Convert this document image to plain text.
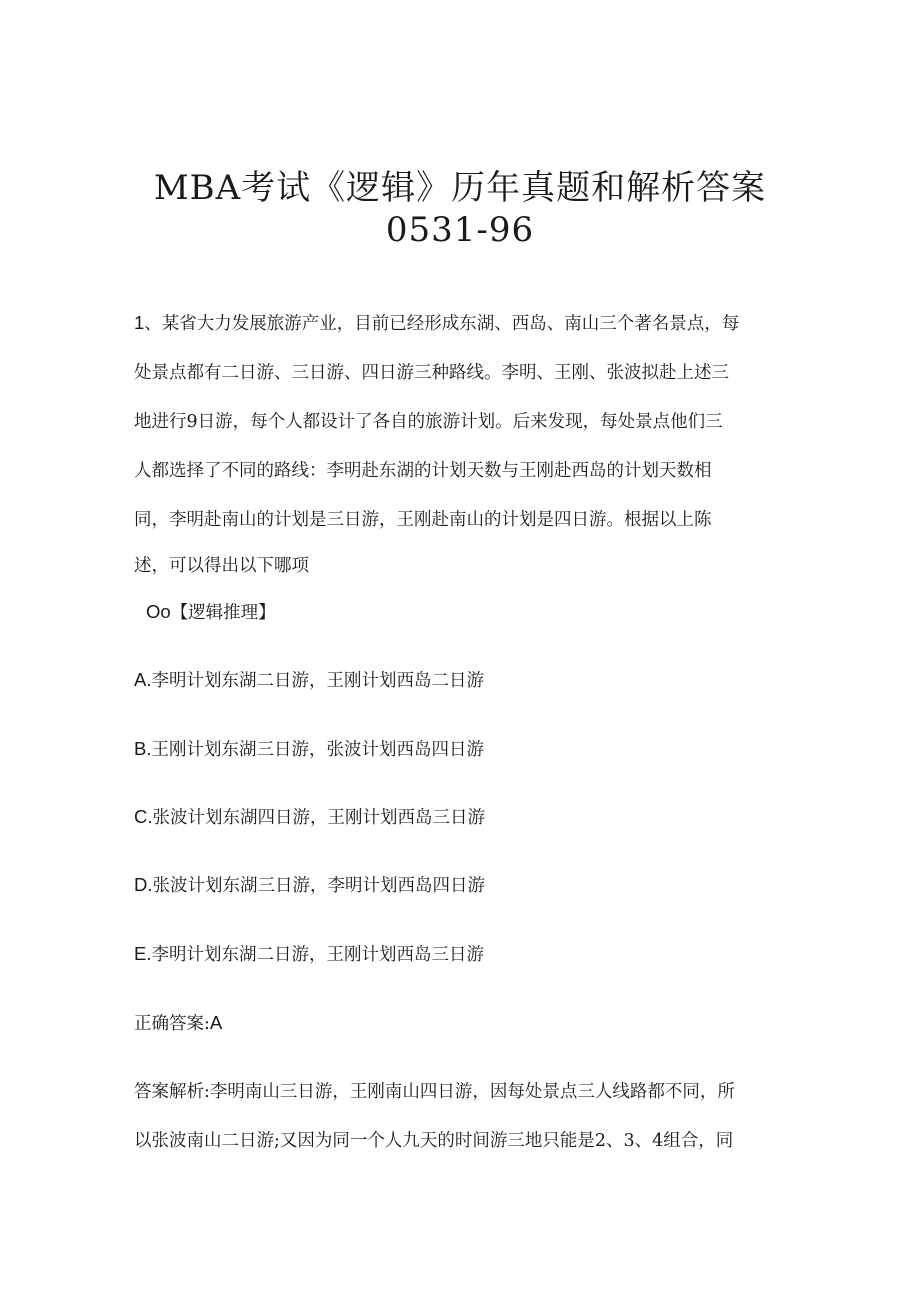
MBA考试《逻辑》历年真题和解析答案
0531-96
1、某省大力发展旅游产业，目前已经形成东湖、西岛、南山三个著名景点，每
处景点都有二日游、三日游、四日游三种路线。李明、王刚、张波拟赴上述三
地进行9日游，每个人都设计了各自的旅游计划。后来发现，每处景点他们三
人都选择了不同的路线：李明赴东湖的计划天数与王刚赴西岛的计划天数相
同，李明赴南山的计划是三日游，王刚赴南山的计划是四日游。根据以上陈
述，可以得出以下哪项
Oo【逻辑推理】
A.李明计划东湖二日游，王刚计划西岛二日游
B.王刚计划东湖三日游，张波计划西岛四日游
C.张波计划东湖四日游，王刚计划西岛三日游
D.张波计划东湖三日游，李明计划西岛四日游
E.李明计划东湖二日游，王刚计划西岛三日游
正确答案:A
答案解析:李明南山三日游，王刚南山四日游，因每处景点三人线路都不同，所
以张波南山二日游;又因为同一个人九天的时间游三地只能是2、3、4组合，同
